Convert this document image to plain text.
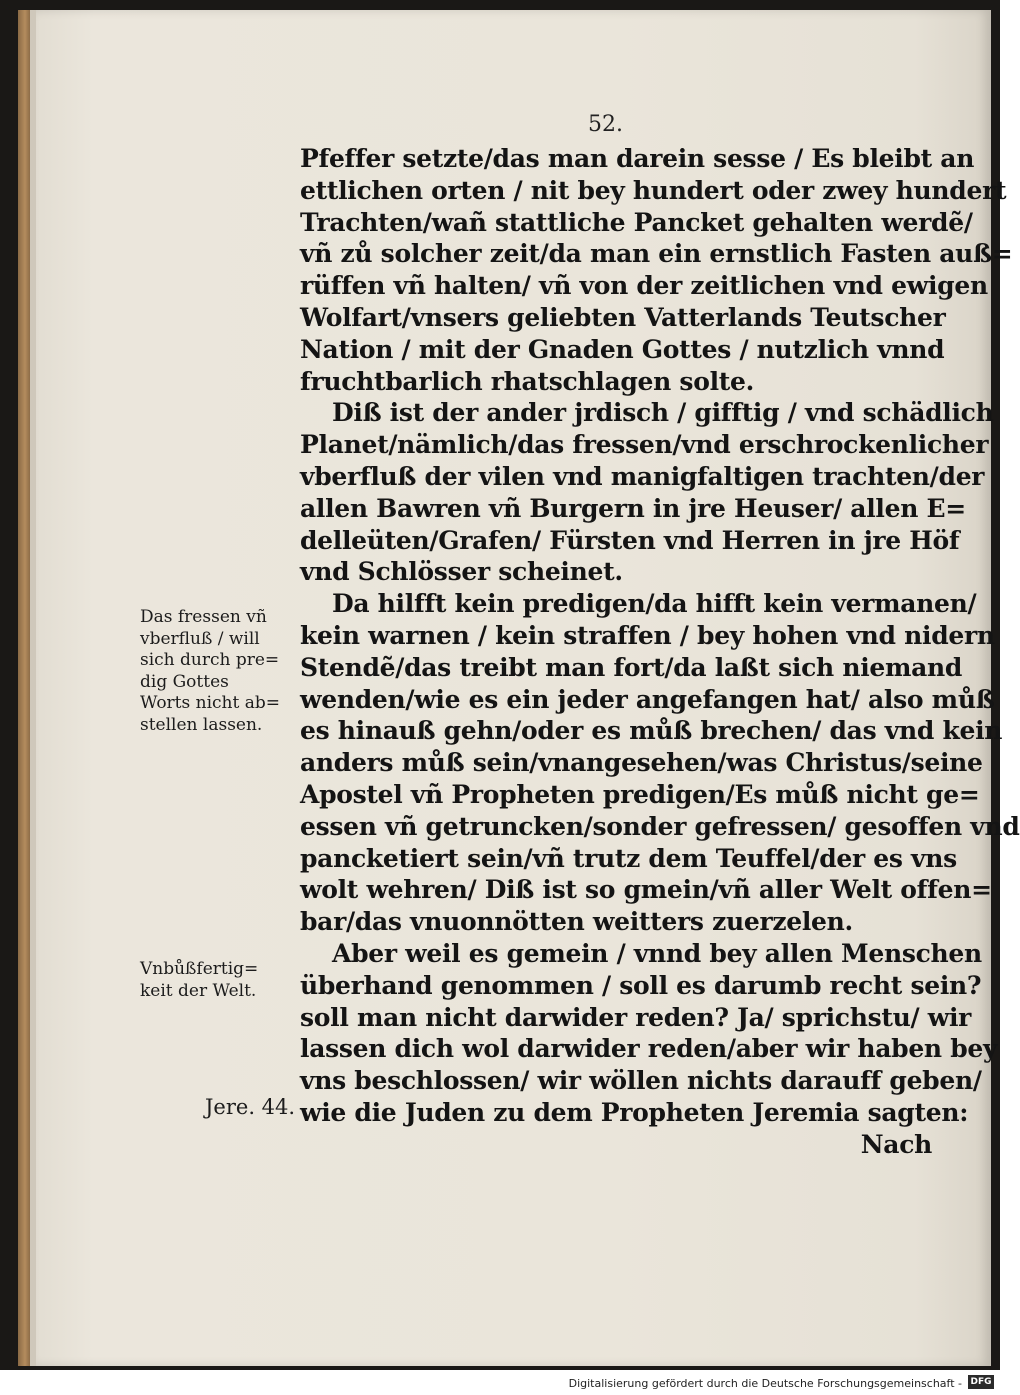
52.
Pfeffer setzte/das man darein sesse / Es bleibt an
ettlichen orten / nit bey hundert oder zwey hundert
Trachten/wañ stattliche Pancket gehalten werdẽ/
vñ zů solcher zeit/da man ein ernstlich Fasten auß=
rüffen vñ halten/ vñ von der zeitlichen vnd ewigen
Wolfart/vnsers geliebten Vatterlands Teutscher
Nation / mit der Gnaden Gottes / nutzlich vnnd
fruchtbarlich rhatschlagen solte.
Diß ist der ander jrdisch / gifftig / vnd schädlich
Planet/nämlich/das fressen/vnd erschrockenlicher
vberfluß der vilen vnd manigfaltigen trachten/der
allen Bawren vñ Burgern in jre Heuser/ allen E=
delleüten/Grafen/ Fürsten vnd Herren in jre Höf
vnd Schlösser scheinet.
Da hilfft kein predigen/da hifft kein vermanen/
kein warnen / kein straffen / bey hohen vnd nidern
Stendẽ/das treibt man fort/da laßt sich niemand
wenden/wie es ein jeder angefangen hat/ also můß
es hinauß gehn/oder es můß brechen/ das vnd kein
anders můß sein/vnangesehen/was Christus/seine
Apostel vñ Propheten predigen/Es můß nicht ge=
essen vñ getruncken/sonder gefressen/ gesoffen vnd
pancketiert sein/vñ trutz dem Teuffel/der es vns
wolt wehren/ Diß ist so gmein/vñ aller Welt offen=
bar/das vnuonnötten weitters zuerzelen.
Aber weil es gemein / vnnd bey allen Menschen
überhand genommen / soll es darumb recht sein?
soll man nicht darwider reden? Ja/ sprichstu/ wir
lassen dich wol darwider reden/aber wir haben bey
vns beschlossen/ wir wöllen nichts darauff geben/
wie die Juden zu dem Propheten Jeremia sagten:
Nach
Das fressen vñ
vberfluß / will
sich durch pre=
dig Gottes
Worts nicht ab=
stellen lassen.
Vnbůßfertig=
keit der Welt.
Jere. 44.
Digitalisierung gefördert durch die Deutsche Forschungsgemeinschaft - DFG
